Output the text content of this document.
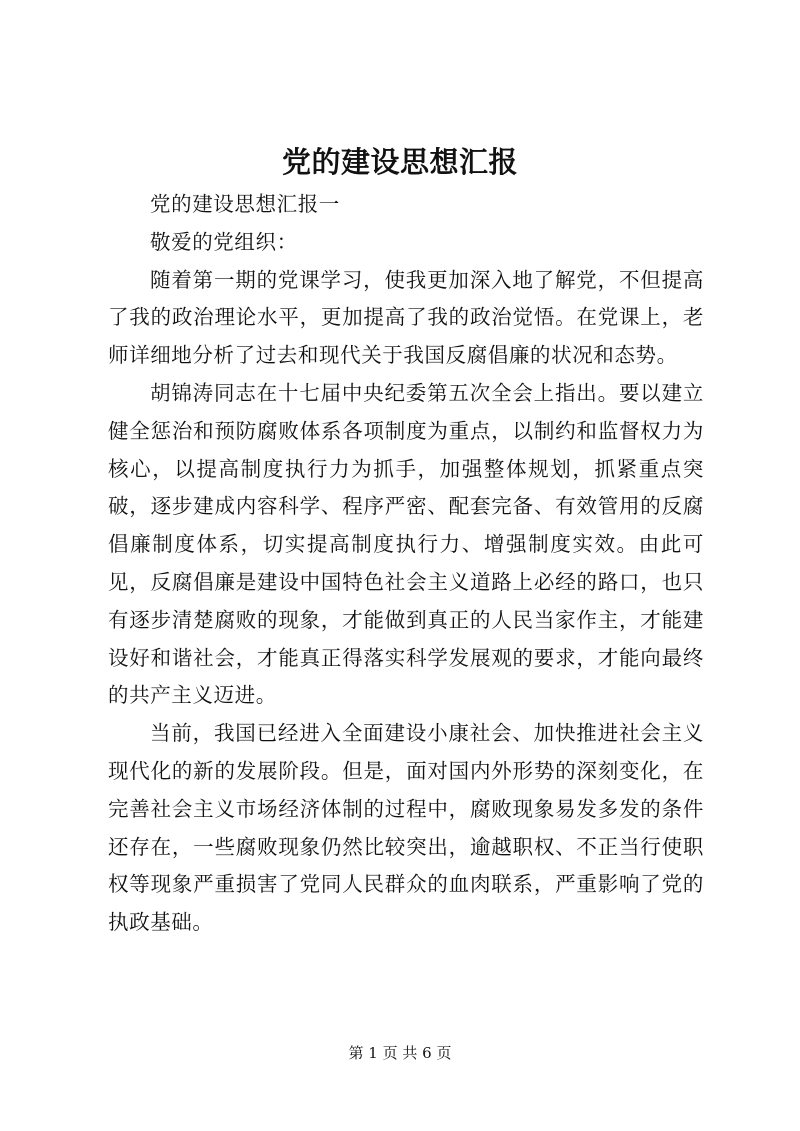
党的建设思想汇报

党的建设思想汇报一

敬爱的党组织：

随着第一期的党课学习，使我更加深入地了解党，不但提高了我的政治理论水平，更加提高了我的政治觉悟。在党课上，老师详细地分析了过去和现代关于我国反腐倡廉的状况和态势。

胡锦涛同志在十七届中央纪委第五次全会上指出。要以建立健全惩治和预防腐败体系各项制度为重点，以制约和监督权力为核心，以提高制度执行力为抓手，加强整体规划，抓紧重点突破，逐步建成内容科学、程序严密、配套完备、有效管用的反腐倡廉制度体系，切实提高制度执行力、增强制度实效。由此可见，反腐倡廉是建设中国特色社会主义道路上必经的路口，也只有逐步清楚腐败的现象，才能做到真正的人民当家作主，才能建设好和谐社会，才能真正得落实科学发展观的要求，才能向最终的共产主义迈进。

当前，我国已经进入全面建设小康社会、加快推进社会主义现代化的新的发展阶段。但是，面对国内外形势的深刻变化，在完善社会主义市场经济体制的过程中，腐败现象易发多发的条件还存在，一些腐败现象仍然比较突出，逾越职权、不正当行使职权等现象严重损害了党同人民群众的血肉联系，严重影响了党的执政基础。

第 1 页 共 6 页
